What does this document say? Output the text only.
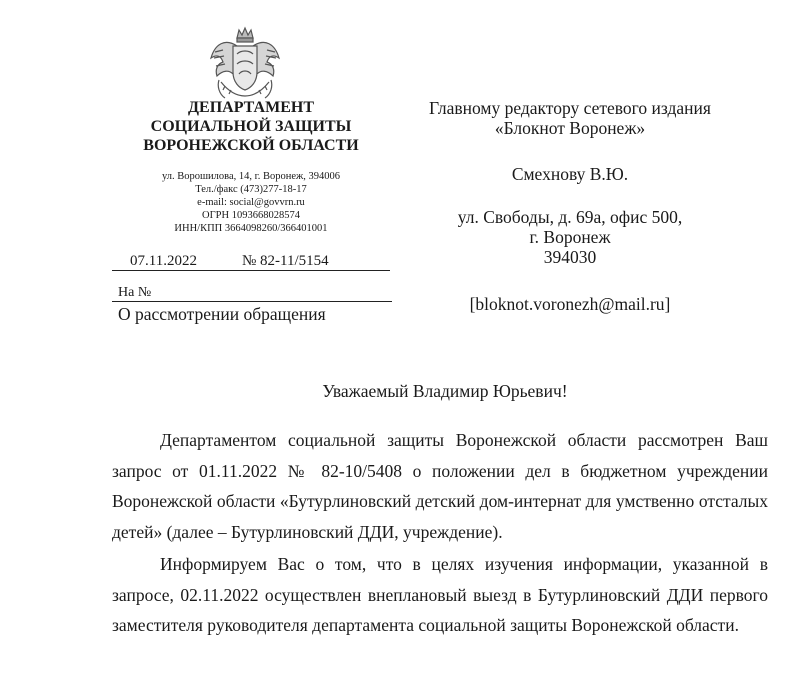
ДЕПАРТАМЕНТ
СОЦИАЛЬНОЙ ЗАЩИТЫ
ВОРОНЕЖСКОЙ ОБЛАСТИ
ул. Ворошилова, 14, г. Воронеж, 394006
Тел./факс (473)277-18-17
e-mail: social@govvrn.ru
ОГРН 1093668028574
ИНН/КПП 3664098260/366401001
07.11.2022	№ 82-11/5154
На №
О рассмотрении обращения
Главному редактору сетевого издания
«Блокнот Воронеж»
Смехнову В.Ю.
ул. Свободы, д. 69а, офис 500,
г. Воронеж
394030
[bloknot.voronezh@mail.ru]
Уважаемый Владимир Юрьевич!

Департаментом социальной защиты Воронежской области рассмотрен Ваш запрос от 01.11.2022 № 82-10/5408 о положении дел в бюджетном учреждении Воронежской области «Бутурлиновский детский дом-интернат для умственно отсталых детей» (далее – Бутурлиновский ДДИ, учреждение).

Информируем Вас о том, что в целях изучения информации, указанной в запросе, 02.11.2022 осуществлен внеплановый выезд в Бутурлиновский ДДИ первого заместителя руководителя департамента социальной защиты Воронежской области.
